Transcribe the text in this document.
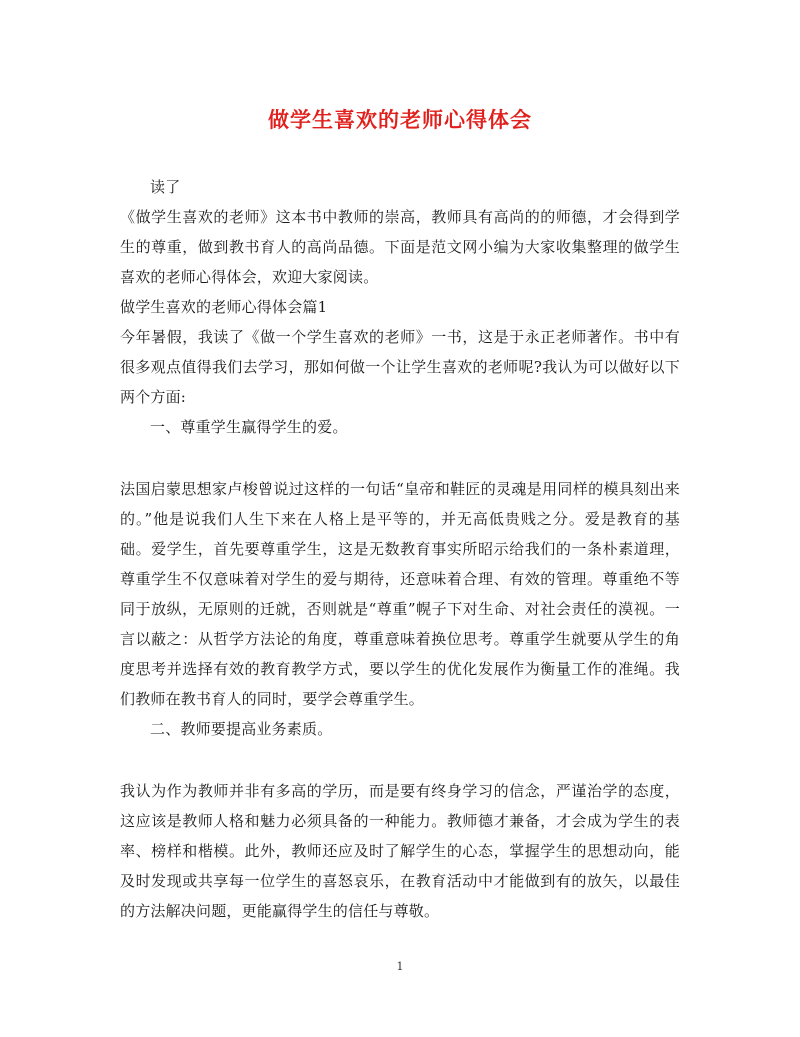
做学生喜欢的老师心得体会

读了

《做学生喜欢的老师》这本书中教师的崇高，教师具有高尚的的师德，才会得到学生的尊重，做到教书育人的高尚品德。下面是范文网小编为大家收集整理的做学生喜欢的老师心得体会，欢迎大家阅读。

做学生喜欢的老师心得体会篇1

今年暑假，我读了《做一个学生喜欢的老师》一书，这是于永正老师著作。书中有很多观点值得我们去学习，那如何做一个让学生喜欢的老师呢?我认为可以做好以下两个方面:

一、尊重学生赢得学生的爱。

法国启蒙思想家卢梭曾说过这样的一句话“皇帝和鞋匠的灵魂是用同样的模具刻出来的。”他是说我们人生下来在人格上是平等的，并无高低贵贱之分。爱是教育的基础。爱学生，首先要尊重学生，这是无数教育事实所昭示给我们的一条朴素道理，尊重学生不仅意味着对学生的爱与期待，还意味着合理、有效的管理。尊重绝不等同于放纵，无原则的迁就，否则就是“尊重”幌子下对生命、对社会责任的漠视。一言以蔽之：从哲学方法论的角度，尊重意味着换位思考。尊重学生就要从学生的角度思考并选择有效的教育教学方式，要以学生的优化发展作为衡量工作的准绳。我们教师在教书育人的同时，要学会尊重学生。

二、教师要提高业务素质。

我认为作为教师并非有多高的学历，而是要有终身学习的信念，严谨治学的态度，这应该是教师人格和魅力必须具备的一种能力。教师德才兼备，才会成为学生的表率、榜样和楷模。此外，教师还应及时了解学生的心态，掌握学生的思想动向，能及时发现或共享每一位学生的喜怒哀乐，在教育活动中才能做到有的放矢，以最佳的方法解决问题，更能赢得学生的信任与尊敬。

1
